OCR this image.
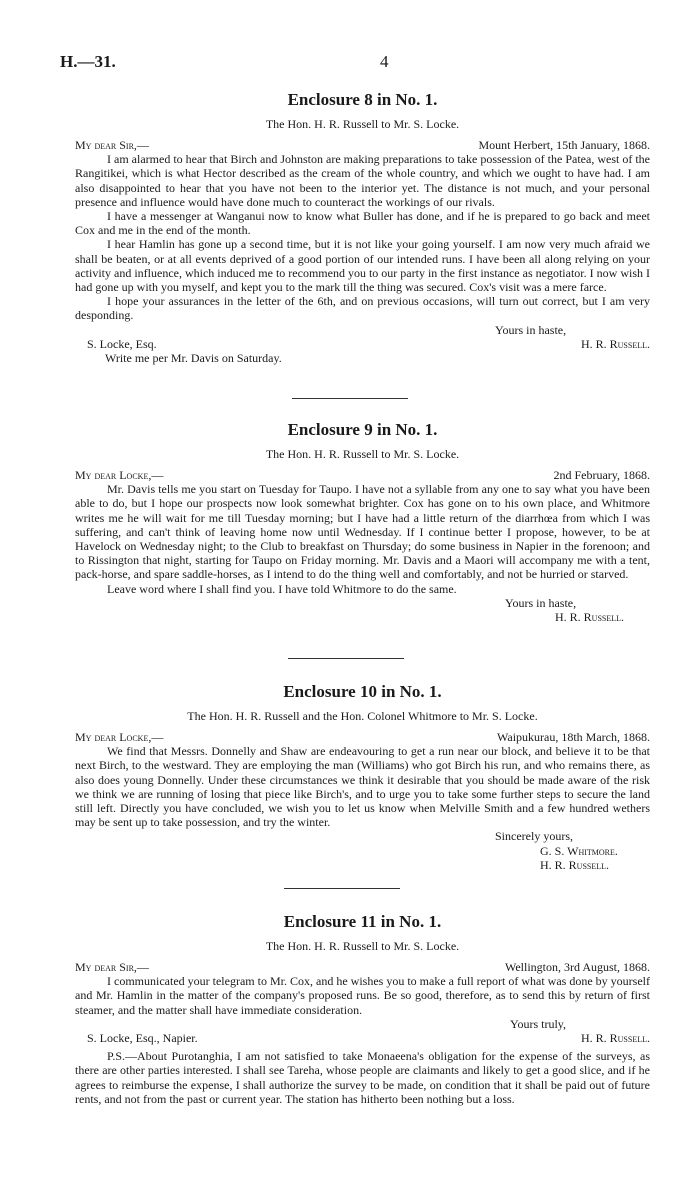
H.—31.	4
Enclosure 8 in No. 1.
The Hon. H. R. Russell to Mr. S. Locke.
My dear Sir,—	Mount Herbert, 15th January, 1868.

I am alarmed to hear that Birch and Johnston are making preparations to take possession of the Patea, west of the Rangitikei, which is what Hector described as the cream of the whole country, and which we ought to have had. I am also disappointed to hear that you have not been to the interior yet. The distance is not much, and your personal presence and influence would have done much to counteract the workings of our rivals.

I have a messenger at Wanganui now to know what Buller has done, and if he is prepared to go back and meet Cox and me in the end of the month.

I hear Hamlin has gone up a second time, but it is not like your going yourself. I am now very much afraid we shall be beaten, or at all events deprived of a good portion of our intended runs. I have been all along relying on your activity and influence, which induced me to recommend you to our party in the first instance as negotiator. I now wish I had gone up with you myself, and kept you to the mark till the thing was secured. Cox's visit was a mere farce.

I hope your assurances in the letter of the 6th, and on previous occasions, will turn out correct, but I am very desponding.

Yours in haste,
S. Locke, Esq.	H. R. Russell.
Write me per Mr. Davis on Saturday.
Enclosure 9 in No. 1.
The Hon. H. R. Russell to Mr. S. Locke.
My dear Locke,—	2nd February, 1868.

Mr. Davis tells me you start on Tuesday for Taupo. I have not a syllable from any one to say what you have been able to do, but I hope our prospects now look somewhat brighter. Cox has gone on to his own place, and Whitmore writes me he will wait for me till Tuesday morning; but I have had a little return of the diarrhœa from which I was suffering, and can't think of leaving home now until Wednesday. If I continue better I propose, however, to be at Havelock on Wednesday night; to the Club to breakfast on Thursday; do some business in Napier in the forenoon; and to Rissington that night, starting for Taupo on Friday morning. Mr. Davis and a Maori will accompany me with a tent, pack-horse, and spare saddle-horses, as I intend to do the thing well and comfortably, and not be hurried or starved.

Leave word where I shall find you. I have told Whitmore to do the same.

Yours in haste,
H. R. Russell.
Enclosure 10 in No. 1.
The Hon. H. R. Russell and the Hon. Colonel Whitmore to Mr. S. Locke.
My dear Locke,—	Waipukurau, 18th March, 1868.

We find that Messrs. Donnelly and Shaw are endeavouring to get a run near our block, and believe it to be that next Birch, to the westward. They are employing the man (Williams) who got Birch his run, and who remains there, as also does young Donnelly. Under these circumstances we think it desirable that you should be made aware of the risk we think we are running of losing that piece like Birch's, and to urge you to take some further steps to secure the land still left. Directly you have concluded, we wish you to let us know when Melville Smith and a few hundred wethers may be sent up to take possession, and try the winter.

Sincerely yours,
G. S. Whitmore.
H. R. Russell.
Enclosure 11 in No. 1.
The Hon. H. R. Russell to Mr. S. Locke.
My dear Sir,—	Wellington, 3rd August, 1868.

I communicated your telegram to Mr. Cox, and he wishes you to make a full report of what was done by yourself and Mr. Hamlin in the matter of the company's proposed runs. Be so good, therefore, as to send this by return of first steamer, and the matter shall have immediate consideration.

Yours truly,
S. Locke, Esq., Napier.	H. R. Russell.

P.S.—About Purotanghia, I am not satisfied to take Monaeena's obligation for the expense of the surveys, as there are other parties interested. I shall see Tareha, whose people are claimants and likely to get a good slice, and if he agrees to reimburse the expense, I shall authorize the survey to be made, on condition that it shall be paid out of future rents, and not from the past or current year. The station has hitherto been nothing but a loss.
